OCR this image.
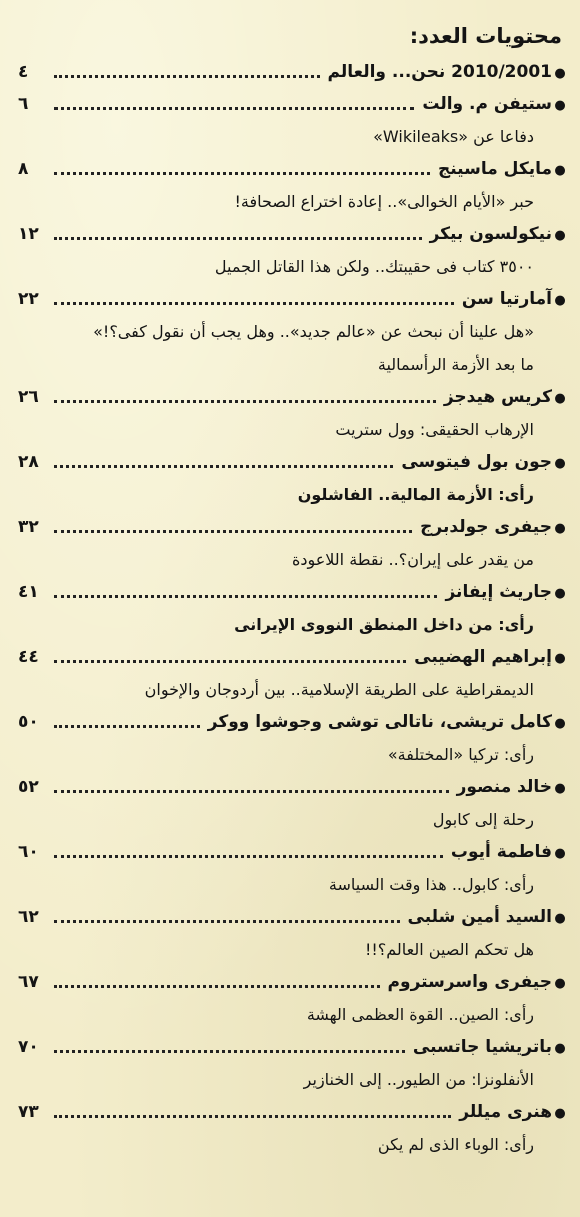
محتويات العدد:
●
2010/2001 نحن... والعالم
٤
●
ستيفن م. والت
٦
دفاعا عن «Wikileaks»
●
مايكل ماسينج
٨
حبر «الأيام الخوالى».. إعادة اختراع الصحافة!
●
نيكولسون بيكر
١٢
٣٥٠٠ كتاب فى حقيبتك.. ولكن هذا القاتل الجميل
●
آمارتيا سن
٢٢
«هل علينا أن نبحث عن «عالم جديد».. وهل يجب أن نقول كفى؟!»
ما بعد الأزمة الرأسمالية
●
كريس هيدجز
٢٦
الإرهاب الحقيقى: وول ستريت
●
جون بول فيتوسى
٢٨
رأى: الأزمة المالية.. الفاشلون
●
جيفرى جولدبرج
٣٢
من يقدر على إيران؟.. نقطة اللاعودة
●
جاريث إيفانز
٤١
رأى: من داخل المنطق النووى الإيرانى
●
إبراهيم الهضيبى
٤٤
الديمقراطية على الطريقة الإسلامية.. بين أردوجان والإخوان
●
كامل تريشى، ناتالى توشى وجوشوا ووكر
٥٠
رأى: تركيا «المختلفة»
●
خالد منصور
٥٢
رحلة إلى كابول
●
فاطمة أيوب
٦٠
رأى: كابول.. هذا وقت السياسة
●
السيد أمين شلبى
٦٢
هل تحكم الصين العالم؟!!
●
جيفرى واسرستروم
٦٧
رأى: الصين.. القوة العظمى الهشة
●
باتريشيا جاتسبى
٧٠
الأنفلونزا: من الطيور.. إلى الخنازير
●
هنرى ميللر
٧٣
رأى: الوباء الذى لم يكن
